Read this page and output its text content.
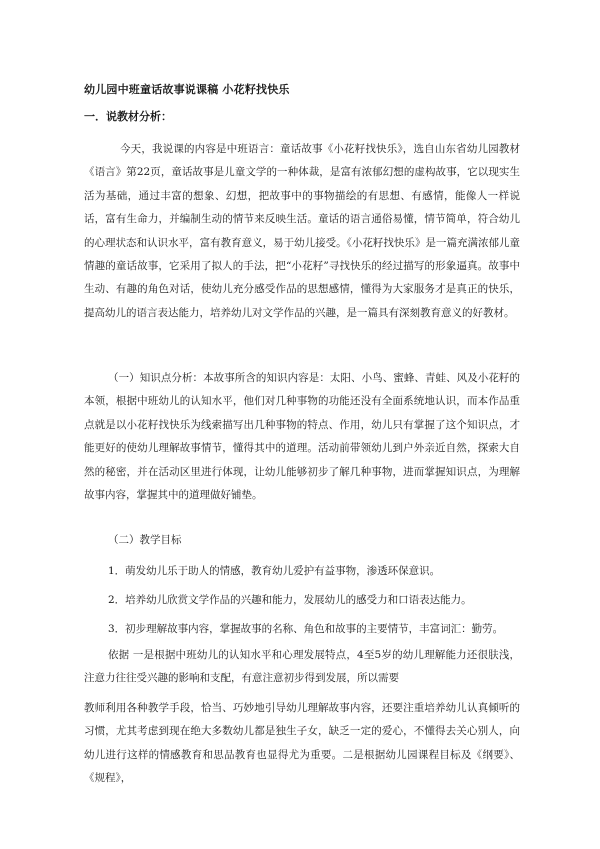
幼儿园中班童话故事说课稿 小花籽找快乐
一．说教材分析：

今天，我说课的内容是中班语言：童话故事《小花籽找快乐》，选自山东省幼儿园教材《语言》第22页，童话故事是儿童文学的一种体裁，是富有浓郁幻想的虚构故事，它以现实生活为基础，通过丰富的想象、幻想，把故事中的事物描绘的有思想、有感情，能像人一样说话，富有生命力，并编制生动的情节来反映生活。童话的语言通俗易懂，情节简单，符合幼儿的心理状态和认识水平，富有教育意义，易于幼儿接受。《小花籽找快乐》是一篇充满浓郁儿童情趣的童话故事，它采用了拟人的手法，把“小花籽”寻找快乐的经过描写的形象逼真。故事中生动、有趣的角色对话，使幼儿充分感受作品的思想感情，懂得为大家服务才是真正的快乐，提高幼儿的语言表达能力，培养幼儿对文学作品的兴趣，是一篇具有深刻教育意义的好教材。

（一）知识点分析：本故事所含的知识内容是：太阳、小鸟、蜜蜂、青蛙、风及小花籽的本领，根据中班幼儿的认知水平，他们对几种事物的功能还没有全面系统地认识，而本作品重点就是以小花籽找快乐为线索描写出几种事物的特点、作用，幼儿只有掌握了这个知识点，才能更好的使幼儿理解故事情节，懂得其中的道理。活动前带领幼儿到户外亲近自然，探索大自然的秘密，并在活动区里进行体现，让幼儿能够初步了解几种事物，进而掌握知识点，为理解故事内容，掌握其中的道理做好铺垫。

（二）教学目标
1．萌发幼儿乐于助人的情感，教育幼儿爱护有益事物，渗透环保意识。
2．培养幼儿欣赏文学作品的兴趣和能力，发展幼儿的感受力和口语表达能力。
3．初步理解故事内容，掌握故事的名称、角色和故事的主要情节，丰富词汇：勤劳。

依据 一是根据中班幼儿的认知水平和心理发展特点，4至5岁的幼儿理解能力还很肤浅，注意力往往受兴趣的影响和支配，有意注意初步得到发展，所以需要

教师利用各种教学手段，恰当、巧妙地引导幼儿理解故事内容，还要注重培养幼儿认真倾听的习惯，尤其考虑到现在绝大多数幼儿都是独生子女，缺乏一定的爱心，不懂得去关心别人，向幼儿进行这样的情感教育和思品教育也显得尤为重要。二是根据幼儿园课程目标及《纲要》、《规程》，
